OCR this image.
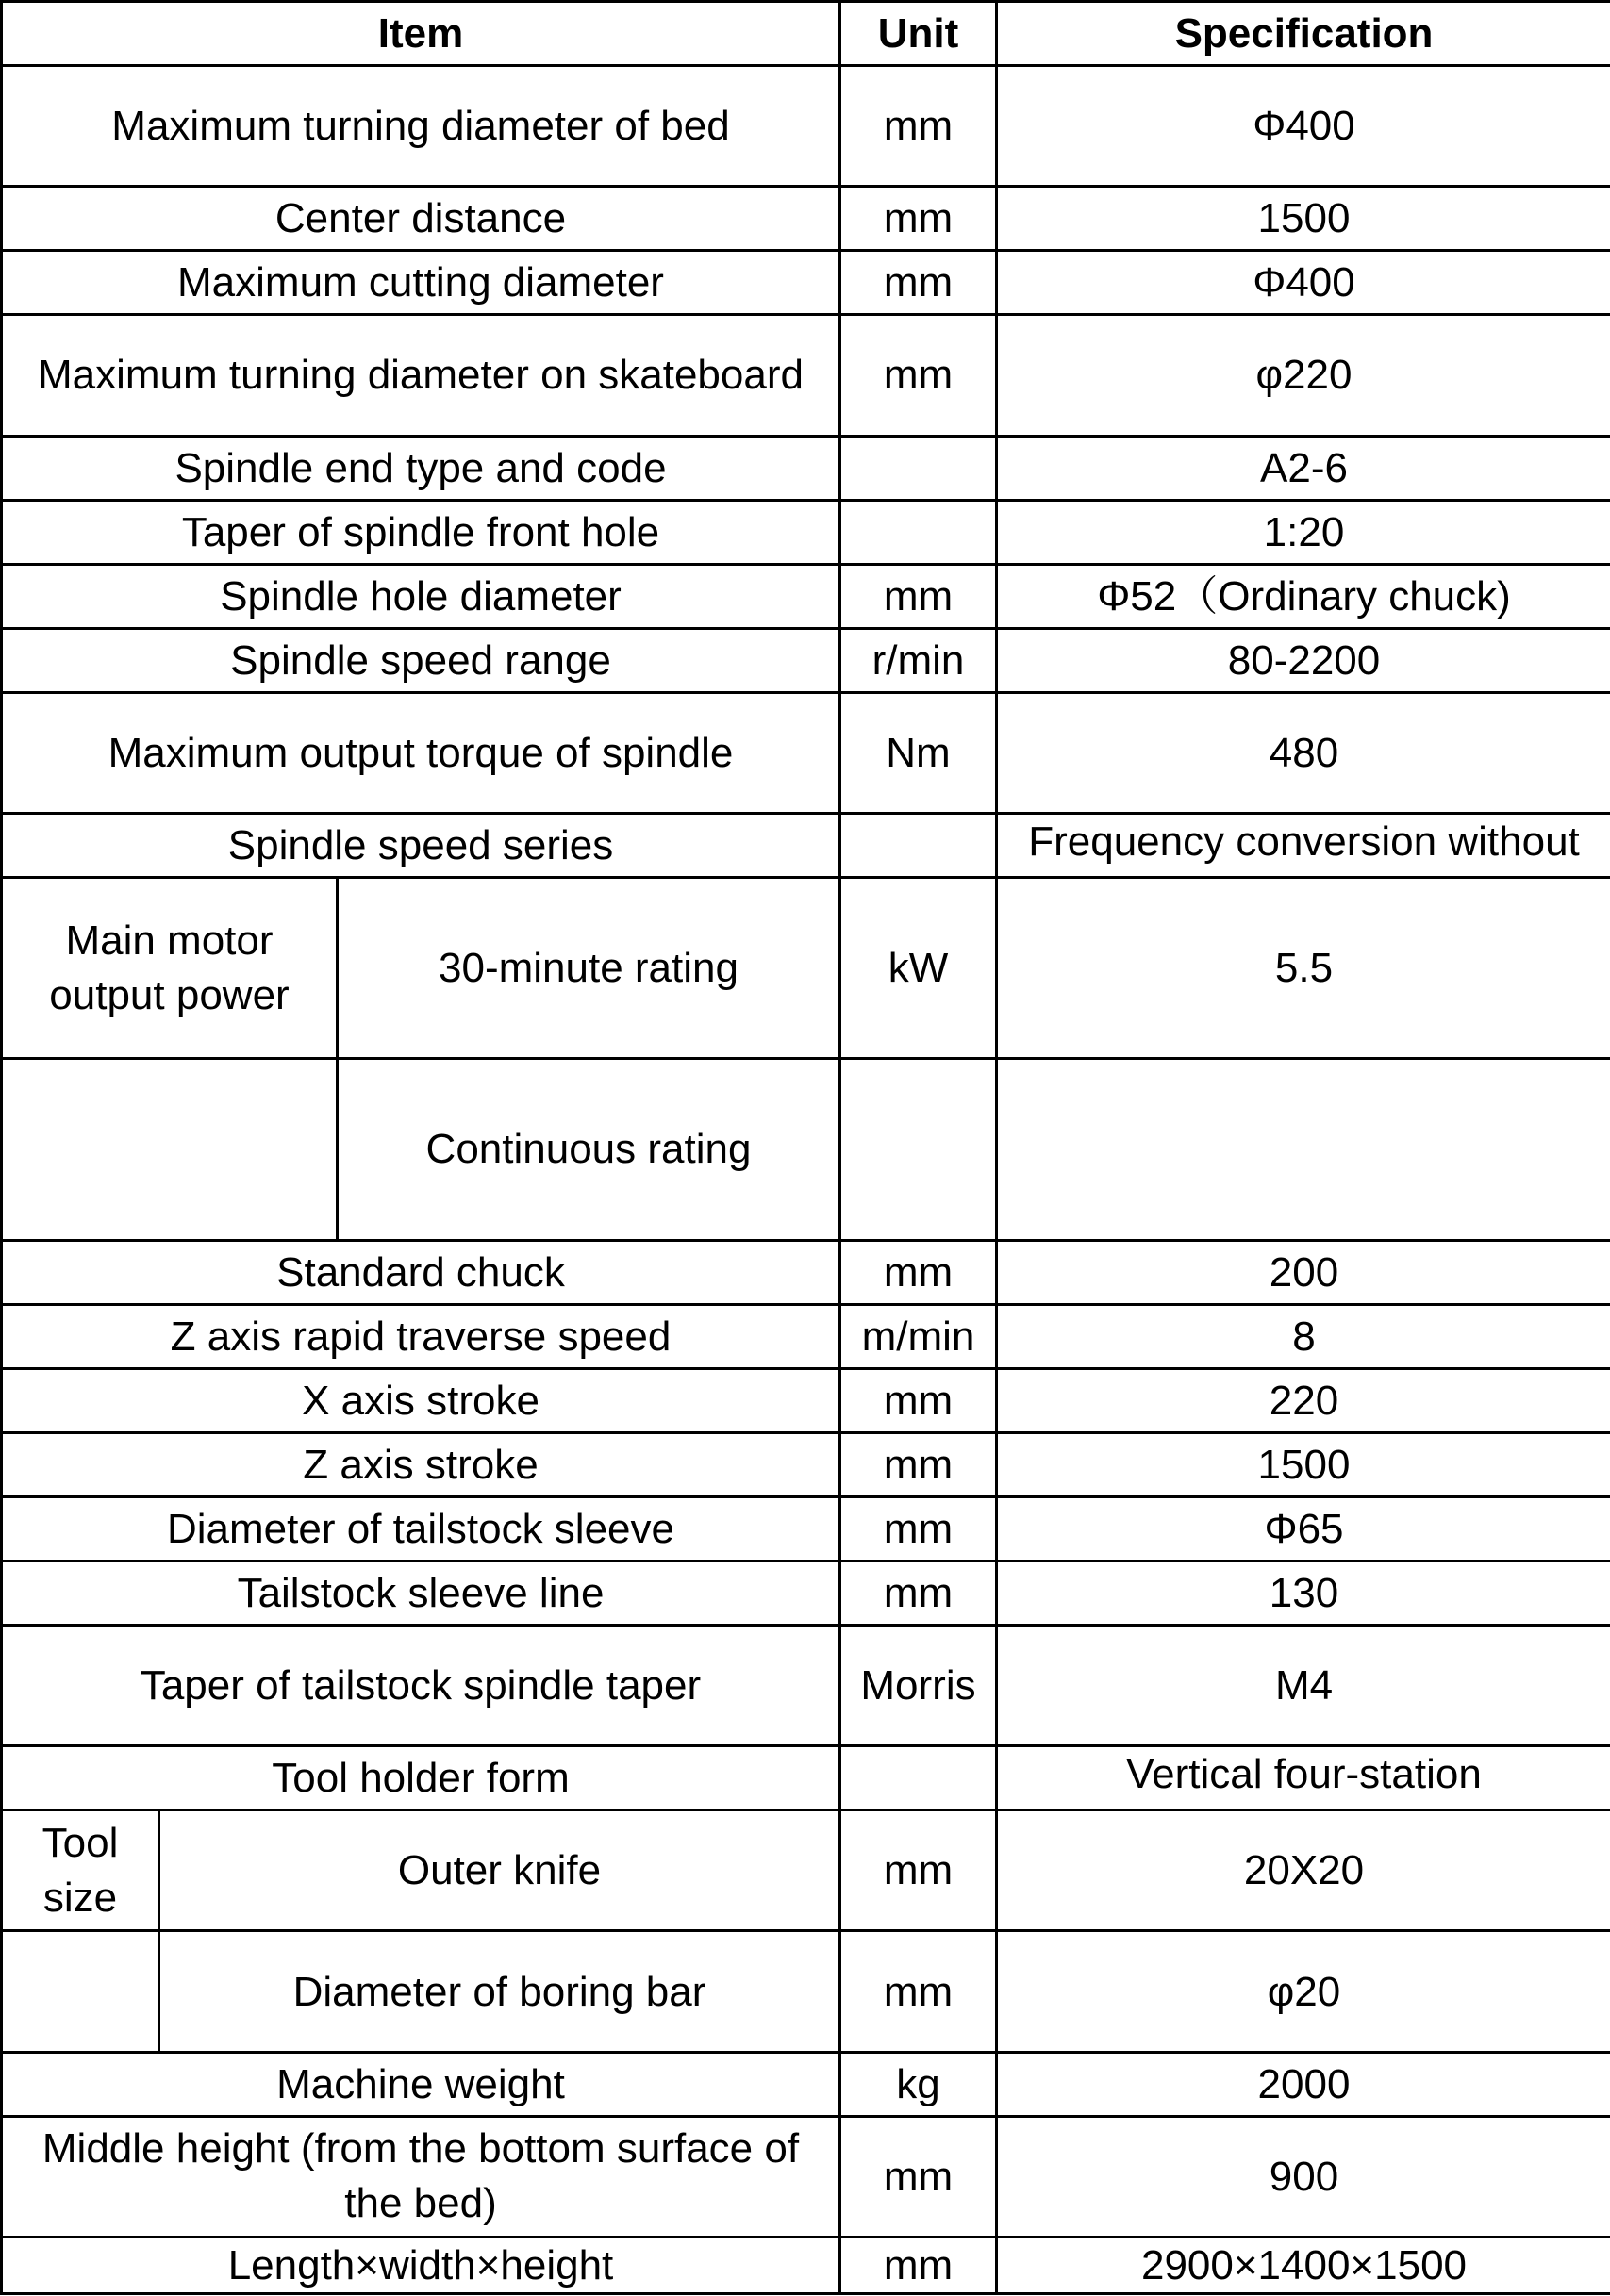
Item			Unit	Specification
Maximum turning diameter of bed			mm	Φ400
Center distance			mm	1500
Maximum cutting diameter			mm	Φ400
Maximum turning diameter on skateboard			mm	φ220
Spindle end type and code				A2-6
Taper of spindle front hole				1:20
Spindle hole diameter			mm	Φ52（Ordinary chuck)
Spindle speed range			r/min	80-2200
Maximum output torque of spindle			Nm	480
Spindle speed series				Frequency conversion without
Main motor output power		30-minute rating	kW	5.5
		Continuous rating		
Standard chuck			mm	200
Z axis rapid traverse speed			m/min	8
X axis stroke			mm	220
Z axis stroke			mm	1500
Diameter of tailstock sleeve			mm	Φ65
Tailstock sleeve line			mm	130
Taper of tailstock spindle taper			Morris	M4
Tool holder form				Vertical four-station
Tool size	Outer knife		mm	20X20
	Diameter of boring bar		mm	φ20
Machine weight			kg	2000
Middle height (from the bottom surface of the bed)			mm	900
Length×width×height			mm	2900×1400×1500
